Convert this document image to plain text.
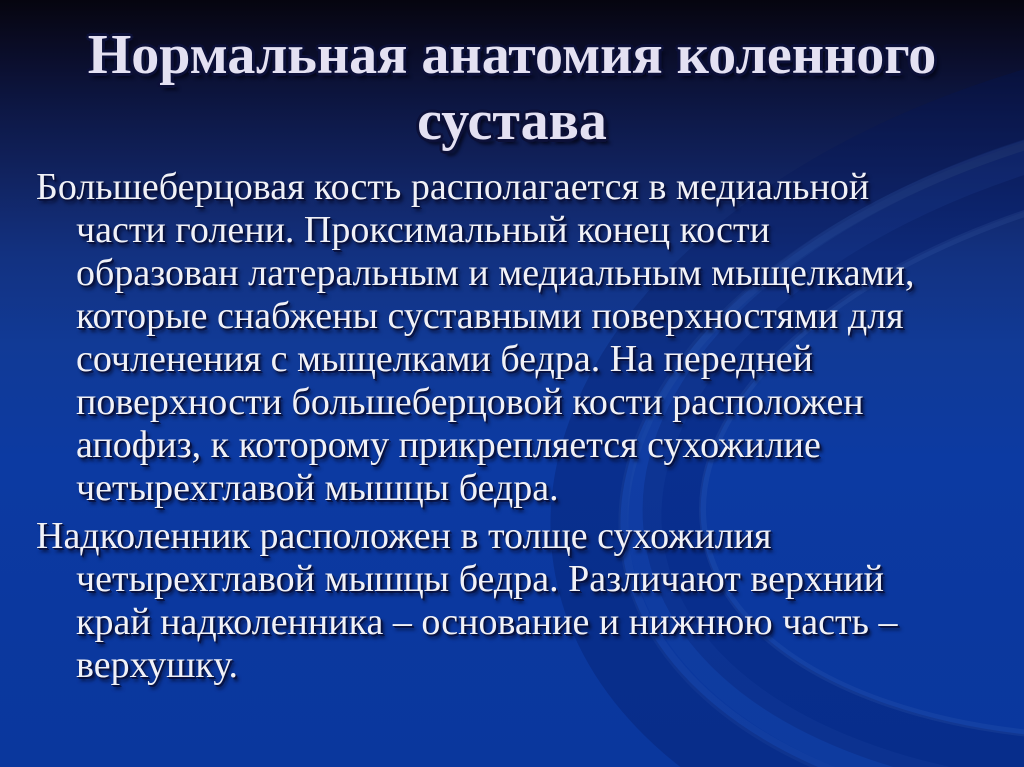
Нормальная анатомия коленного
сустава
Большеберцовая кость располагается в медиальной
части голени. Проксимальный конец кости
образован латеральным и медиальным мыщелками,
которые снабжены суставными поверхностями для
сочленения с мыщелками бедра. На передней
поверхности большеберцовой кости расположен
апофиз, к которому прикрепляется сухожилие
четырехглавой мышцы бедра.
Надколенник расположен в толще сухожилия
четырехглавой мышцы бедра. Различают верхний
край надколенника – основание и нижнюю часть –
верхушку.
